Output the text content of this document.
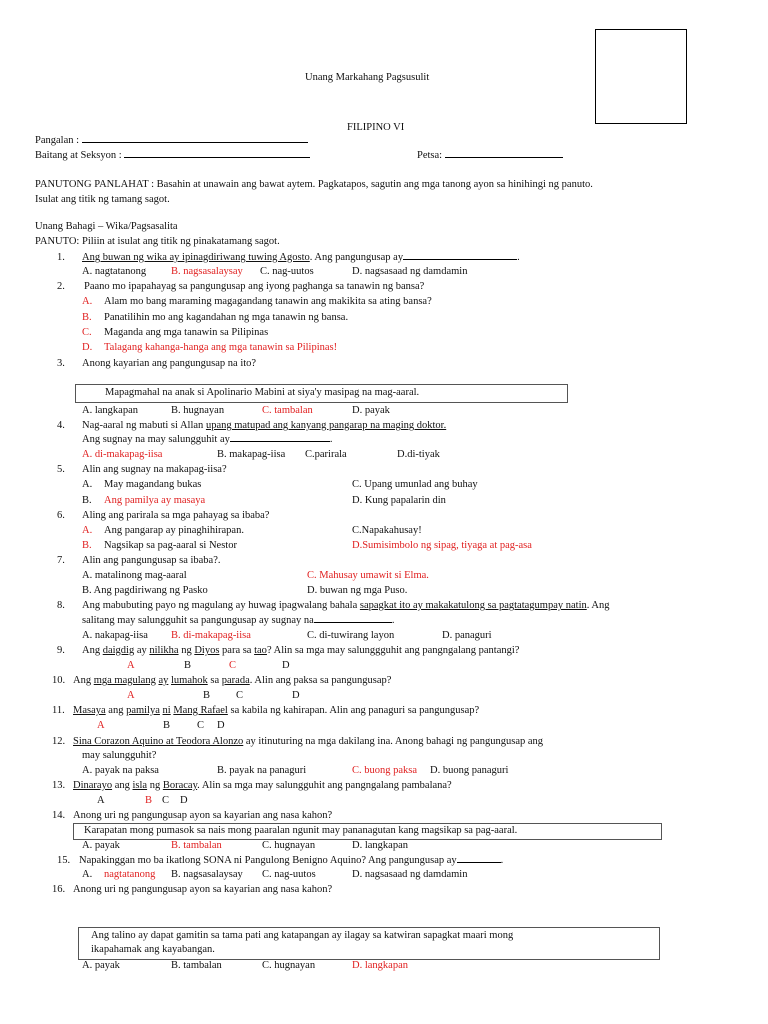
Unang Markahang Pagsusulit
FILIPINO VI
Pangalan :
Baitang at Seksyon :	Petsa:
PANUTONG PANLAHAT : Basahin at unawain ang bawat aytem. Pagkatapos, sagutin ang mga tanong ayon sa hinihingi ng panuto.
Isulat ang titik ng tamang sagot.
Unang Bahagi – Wika/Pagsasalita
PANUTO: Piliin at isulat ang titik ng pinakatamang sagot.
1. Ang buwan ng wika ay ipinagdiriwang tuwing Agosto. Ang pangungusap ay	.
A. nagtatanong B. nagsasalaysay C. nag-uutos	D. nagsasaad ng damdamin
2. Paano mo ipapahayag sa pangungusap ang iyong paghanga sa tanawin ng bansa?
A. Alam mo bang maraming magagandang tanawin ang makikita sa ating bansa?
B. Panatilihin mo ang kagandahan ng mga tanawin ng bansa.
C. Maganda ang mga tanawin sa Pilipinas
D. Talagang kahanga-hanga ang mga tanawin sa Pilipinas!
3. Anong kayarian ang pangungusap na ito?
Mapagmahal na anak si Apolinario Mabini at siya'y masipag na mag-aaral.
A. langkapan	B. hugnayan	C. tambalan	D. payak
4. Nag-aaral ng mabuti si Allan upang matupad ang kanyang pangarap na maging doktor.
Ang sugnay na may salungguhit ay	.
A. di-makapag-iisa	B. makapag-iisa C.parirala	D.di-tiyak
5. Alin ang sugnay na makapag-iisa?
A. May magandang bukas	C. Upang umunlad ang buhay
B. Ang pamilya ay masaya	D. Kung papalarin din
6. Aling ang parirala sa mga pahayag sa ibaba?
A. Ang pangarap ay pinaghihirapan.	C.Napakahusay!
B. Nagsikap sa pag-aaral si Nestor	D.Sumisimbolo ng sipag, tiyaga at pag-asa
7. Alin ang pangungusap sa ibaba?.
A. matalinong mag-aaral	C. Mahusay umawit si Elma.
B. Ang pagdiriwang ng Pasko	D. buwan ng mga Puso.
8. Ang mabubuting payo ng magulang ay huwag ipagwalang bahala sapagkat ito ay makakatulong sa pagtatagumpay natin. Ang
salitang may salungguhit sa pangungusap ay sugnay na	.
A. nakapag-iisa B. di-makapag-iisa	C. di-tuwirang layon	D. panaguri
9. Ang daigdig ay nilikha ng Diyos para sa tao? Alin sa mga may salunggguhit ang pangngalang pantangi?
A	B	C	D
10. Ang mga magulang ay lumahok sa parada. Alin ang paksa sa pangungusap?
A	B C	D
11. Masaya ang pamilya ni Mang Rafael sa kabila ng kahirapan. Alin ang panaguri sa pangungusap?
A	B	C D
12. Sina Corazon Aquino at Teodora Alonzo ay itinuturing na mga dakilang ina. Anong bahagi ng pangungusap ang
may salungguhit?
A. payak na paksa	B. payak na panaguri	C. buong paksa D. buong panaguri
13. Dinarayo ang isla ng Boracay. Alin sa mga may salungguhit ang pangngalang pambalana?
A	B C D
14. Anong uri ng pangungusap ayon sa kayarian ang nasa kahon?
Karapatan mong pumasok sa nais mong paaralan ngunit may pananagutan kang magsikap sa pag-aaral.
A. payak	B. tambalan	C. hugnayan	D. langkapan
15. Napakinggan mo ba ikatlong SONA ni Pangulong Benigno Aquino? Ang pangungusap ay	.
A. nagtatanong B. nagsasalaysay C. nag-uutos	D. nagsasaad ng damdamin
16. Anong uri ng pangungusap ayon sa kayarian ang nasa kahon?
Ang talino ay dapat gamitin sa tama pati ang katapangan ay ilagay sa katwiran sapagkat maari mong
ikapahamak ang kayabangan.
A. payak	B. tambalan	C. hugnayan	D. langkapan
